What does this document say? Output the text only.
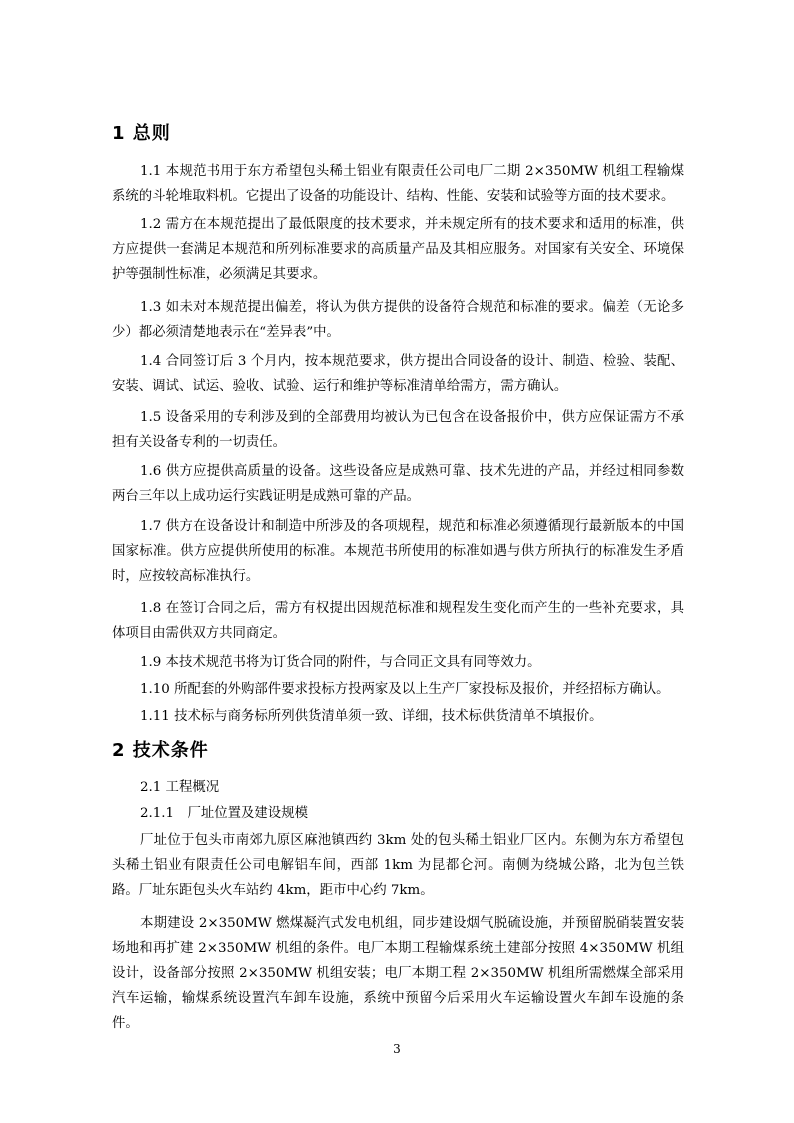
1 总则

1.1 本规范书用于东方希望包头稀土铝业有限责任公司电厂二期 2×350MW 机组工程输煤系统的斗轮堆取料机。它提出了设备的功能设计、结构、性能、安装和试验等方面的技术要求。

1.2 需方在本规范提出了最低限度的技术要求，并未规定所有的技术要求和适用的标准，供方应提供一套满足本规范和所列标准要求的高质量产品及其相应服务。对国家有关安全、环境保护等强制性标准，必须满足其要求。

1.3 如未对本规范提出偏差，将认为供方提供的设备符合规范和标准的要求。偏差（无论多少）都必须清楚地表示在“差异表”中。

1.4 合同签订后 3 个月内，按本规范要求，供方提出合同设备的设计、制造、检验、装配、安装、调试、试运、验收、试验、运行和维护等标准清单给需方，需方确认。

1.5 设备采用的专利涉及到的全部费用均被认为已包含在设备报价中，供方应保证需方不承担有关设备专利的一切责任。

1.6 供方应提供高质量的设备。这些设备应是成熟可靠、技术先进的产品，并经过相同参数两台三年以上成功运行实践证明是成熟可靠的产品。

1.7 供方在设备设计和制造中所涉及的各项规程，规范和标准必须遵循现行最新版本的中国国家标准。供方应提供所使用的标准。本规范书所使用的标准如遇与供方所执行的标准发生矛盾时，应按较高标准执行。

1.8 在签订合同之后，需方有权提出因规范标准和规程发生变化而产生的一些补充要求，具体项目由需供双方共同商定。

1.9 本技术规范书将为订货合同的附件，与合同正文具有同等效力。

1.10 所配套的外购部件要求投标方投两家及以上生产厂家投标及报价，并经招标方确认。

1.11 技术标与商务标所列供货清单须一致、详细，技术标供货清单不填报价。

2 技术条件

2.1 工程概况

2.1.1　厂址位置及建设规模

厂址位于包头市南郊九原区麻池镇西约 3km 处的包头稀土铝业厂区内。东侧为东方希望包头稀土铝业有限责任公司电解铝车间，西部 1km 为昆都仑河。南侧为绕城公路，北为包兰铁路。厂址东距包头火车站约 4km，距市中心约 7km。

本期建设 2×350MW 燃煤凝汽式发电机组，同步建设烟气脱硫设施，并预留脱硝装置安装场地和再扩建 2×350MW 机组的条件。电厂本期工程输煤系统土建部分按照 4×350MW 机组设计，设备部分按照 2×350MW 机组安装；电厂本期工程 2×350MW 机组所需燃煤全部采用汽车运输，输煤系统设置汽车卸车设施，系统中预留今后采用火车运输设置火车卸车设施的条件。

3
